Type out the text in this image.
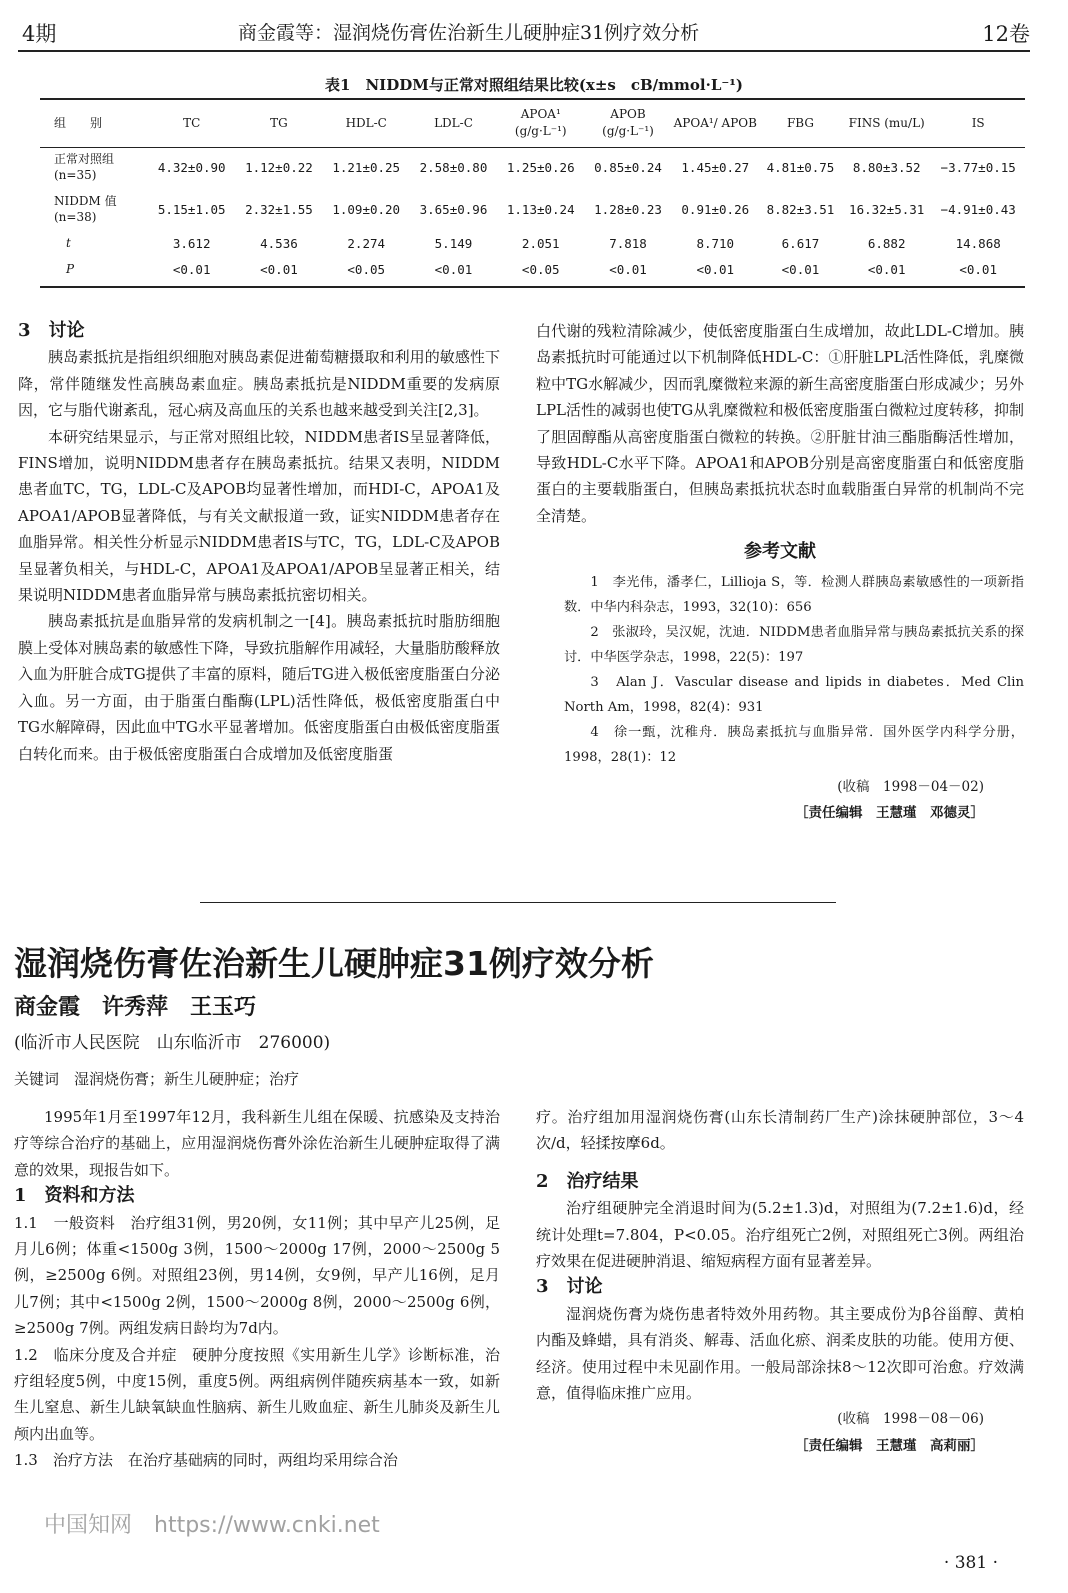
4期	商金霞等：湿润烧伤膏佐治新生儿硬肿症31例疗效分析	12卷
表1　NIDDM与正常对照组结果比较(x±s　cB/mmol·L⁻¹)
组　　别	TC	TG	HDL-C	LDL-C	APOA¹ (g/g·L⁻¹)	APOB (g/g·L⁻¹)	APOA¹/ APOB	FBG	FINS (mu/L)	IS

正常对照组
(n=35)	4.32±0.90	1.12±0.22	1.21±0.25	2.58±0.80	1.25±0.26	0.85±0.24	1.45±0.27	4.81±0.75	8.80±3.52	−3.77±0.15

NIDDM 值
(n=38)	5.15±1.05	2.32±1.55	1.09±0.20	3.65±0.96	1.13±0.24	1.28±0.23	0.91±0.26	8.82±3.51	16.32±5.31	−4.91±0.43

t	3.612	4.536	2.274	5.149	2.051	7.818	8.710	6.617	6.882	14.868

P	<0.01	<0.01	<0.05	<0.01	<0.05	<0.01	<0.01	<0.01	<0.01	<0.01

3　讨论

胰岛素抵抗是指组织细胞对胰岛素促进葡萄糖摄取和利用的敏感性下降，常伴随继发性高胰岛素血症。胰岛素抵抗是NIDDM重要的发病原因，它与脂代谢紊乱，冠心病及高血压的关系也越来越受到关注[2,3]。

本研究结果显示，与正常对照组比较，NIDDM患者IS呈显著降低，FINS增加，说明NIDDM患者存在胰岛素抵抗。结果又表明，NIDDM患者血TC，TG，LDL-C及APOB均显著性增加，而HDI-C，APOA1及APOA1/APOB显著降低，与有关文献报道一致，证实NIDDM患者存在血脂异常。相关性分析显示NIDDM患者IS与TC，TG，LDL-C及APOB呈显著负相关，与HDL-C，APOA1及APOA1/APOB呈显著正相关，结果说明NIDDM患者血脂异常与胰岛素抵抗密切相关。

胰岛素抵抗是血脂异常的发病机制之一[4]。胰岛素抵抗时脂肪细胞膜上受体对胰岛素的敏感性下降，导致抗脂解作用减轻，大量脂肪酸释放入血为肝脏合成TG提供了丰富的原料，随后TG进入极低密度脂蛋白分泌入血。另一方面，由于脂蛋白酯酶(LPL)活性降低，极低密度脂蛋白中TG水解障碍，因此血中TG水平显著增加。低密度脂蛋白由极低密度脂蛋白转化而来。由于极低密度脂蛋白合成增加及低密度脂蛋

白代谢的残粒清除减少，使低密度脂蛋白生成增加，故此LDL-C增加。胰岛素抵抗时可能通过以下机制降低HDL-C：①肝脏LPL活性降低，乳糜微粒中TG水解减少，因而乳糜微粒来源的新生高密度脂蛋白形成减少；另外LPL活性的减弱也使TG从乳糜微粒和极低密度脂蛋白微粒过度转移，抑制了胆固醇酯从高密度脂蛋白微粒的转换。②肝脏甘油三酯脂酶活性增加，导致HDL-C水平下降。APOA1和APOB分别是高密度脂蛋白和低密度脂蛋白的主要载脂蛋白，但胰岛素抵抗状态时血载脂蛋白异常的机制尚不完全清楚。

参考文献

1　李光伟，潘孝仁，Lillioja S，等．检测人群胰岛素敏感性的一项新指数．中华内科杂志，1993，32(10)：656

2　张淑玲，吴汉妮，沈迪．NIDDM患者血脂异常与胰岛素抵抗关系的探讨．中华医学杂志，1998，22(5)：197

3　Alan J．Vascular disease and lipids in diabetes．Med Clin North Am，1998，82(4)：931

4　徐一甄，沈稚舟．胰岛素抵抗与血脂异常．国外医学内科学分册，1998，28(1)：12

(收稿　1998－04－02)
［责任编辑　王慧瑾　邓德灵］
湿润烧伤膏佐治新生儿硬肿症31例疗效分析
商金霞　许秀萍　王玉巧
(临沂市人民医院　山东临沂市　276000)
关键词　湿润烧伤膏；新生儿硬肿症；治疗

1995年1月至1997年12月，我科新生儿组在保暖、抗感染及支持治疗等综合治疗的基础上，应用湿润烧伤膏外涂佐治新生儿硬肿症取得了满意的效果，现报告如下。

1　资料和方法

1.1　一般资料　治疗组31例，男20例，女11例；其中早产儿25例，足月儿6例；体重<1500g 3例，1500～2000g 17例，2000～2500g 5例，≥2500g 6例。对照组23例，男14例，女9例，早产儿16例，足月儿7例；其中<1500g 2例，1500～2000g 8例，2000～2500g 6例，≥2500g 7例。两组发病日龄均为7d内。

1.2　临床分度及合并症　硬肿分度按照《实用新生儿学》诊断标准，治疗组轻度5例，中度15例，重度5例。两组病例伴随疾病基本一致，如新生儿窒息、新生儿缺氧缺血性脑病、新生儿败血症、新生儿肺炎及新生儿颅内出血等。

1.3　治疗方法　在治疗基础病的同时，两组均采用综合治

疗。治疗组加用湿润烧伤膏(山东长清制药厂生产)涂抹硬肿部位，3～4次/d，轻揉按摩6d。

2　治疗结果

治疗组硬肿完全消退时间为(5.2±1.3)d，对照组为(7.2±1.6)d，经统计处理t=7.804，P<0.05。治疗组死亡2例，对照组死亡3例。两组治疗效果在促进硬肿消退、缩短病程方面有显著差异。

3　讨论

湿润烧伤膏为烧伤患者特效外用药物。其主要成份为β谷甾醇、黄柏内酯及蜂蜡，具有消炎、解毒、活血化瘀、润柔皮肤的功能。使用方便、经济。使用过程中未见副作用。一般局部涂抹8～12次即可治愈。疗效满意，值得临床推广应用。

(收稿　1998－08－06)
［责任编辑　王慧瑾　高莉丽］
中国知网　https://www.cnki.net
· 381 ·
